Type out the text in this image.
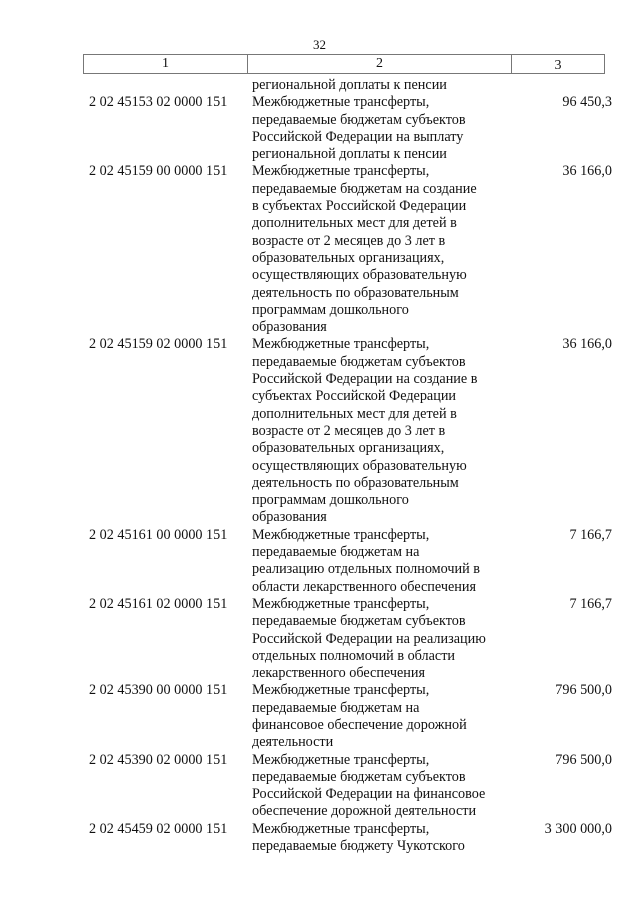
32
1	2	3
региональной доплаты к пенсии
2 02 45153 02 0000 151	Межбюджетные трансферты,
передаваемые бюджетам субъектов
Российской Федерации на выплату
региональной доплаты к пенсии
96 450,3
2 02 45159 00 0000 151	Межбюджетные трансферты,
передаваемые бюджетам на создание
в субъектах Российской Федерации
дополнительных мест для детей в
возрасте от 2 месяцев до 3 лет в
образовательных организациях,
осуществляющих образовательную
деятельность по образовательным
программам дошкольного
образования
36 166,0
2 02 45159 02 0000 151	Межбюджетные трансферты,
передаваемые бюджетам субъектов
Российской Федерации на создание в
субъектах Российской Федерации
дополнительных мест для детей в
возрасте от 2 месяцев до 3 лет в
образовательных организациях,
осуществляющих образовательную
деятельность по образовательным
программам дошкольного
образования
36 166,0
2 02 45161 00 0000 151	Межбюджетные трансферты,
передаваемые бюджетам на
реализацию отдельных полномочий в
области лекарственного обеспечения
7 166,7
2 02 45161 02 0000 151	Межбюджетные трансферты,
передаваемые бюджетам субъектов
Российской Федерации на реализацию
отдельных полномочий в области
лекарственного обеспечения
7 166,7
2 02 45390 00 0000 151	Межбюджетные трансферты,
передаваемые бюджетам на
финансовое обеспечение дорожной
деятельности
796 500,0
2 02 45390 02 0000 151	Межбюджетные трансферты,
передаваемые бюджетам субъектов
Российской Федерации на финансовое
обеспечение дорожной деятельности
796 500,0
2 02 45459 02 0000 151	Межбюджетные трансферты,
передаваемые бюджету Чукотского
3 300 000,0
